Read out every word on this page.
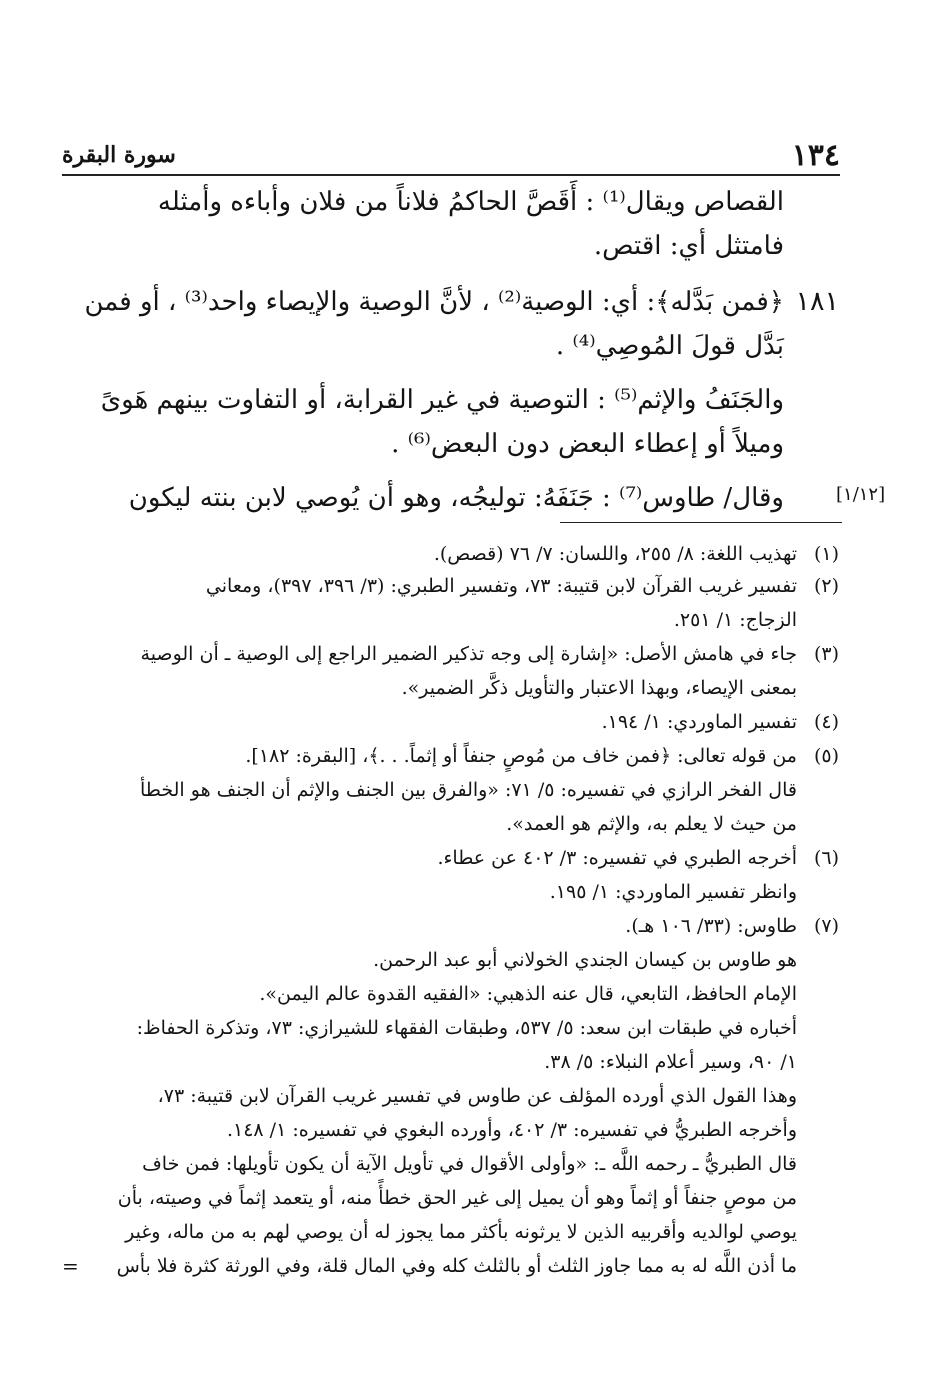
١٣٤
سورة البقرة
القصاص ويقال⁽¹⁾ : أَقَصَّ الحاكمُ فلاناً من فلان وأباءه وأمثله فامتثل أي: اقتص.
١٨١
﴿فمن بَدَّله﴾: أي: الوصية⁽²⁾ ، لأنَّ الوصية والإيصاء واحد⁽³⁾ ، أو فمن بَدَّل قولَ المُوصِي⁽⁴⁾ .
والجَنَفُ والإثم⁽⁵⁾ : التوصية في غير القرابة، أو التفاوت بينهم هَوىً وميلاً أو إعطاء البعض دون البعض⁽⁶⁾ .
[١/١٢]
وقال/ طاوس⁽⁷⁾ : جَنَفَهُ: توليجُه، وهو أن يُوصي لابن بنته ليكون
(١)
تهذيب اللغة: ٨/ ٢٥٥، واللسان: ٧/ ٧٦ (قصص).
(٢)
تفسير غريب القرآن لابن قتيبة: ٧٣، وتفسير الطبري: (٣/ ٣٩٦، ٣٩٧)، ومعاني
الزجاج: ١/ ٢٥١.
(٣)
جاء في هامش الأصل: «إشارة إلى وجه تذكير الضمير الراجع إلى الوصية ـ أن الوصية
بمعنى الإيصاء، وبهذا الاعتبار والتأويل ذكَّر الضمير».
(٤)
تفسير الماوردي: ١/ ١٩٤.
(٥)
من قوله تعالى: ﴿فمن خاف من مُوصٍ جنفاً أو إثماً. . .﴾، [البقرة: ١٨٢].
قال الفخر الرازي في تفسيره: ٥/ ٧١: «والفرق بين الجنف والإثم أن الجنف هو الخطأ
من حيث لا يعلم به، والإثم هو العمد».
(٦)
أخرجه الطبري في تفسيره: ٣/ ٤٠٢ عن عطاء.
وانظر تفسير الماوردي: ١/ ١٩٥.
(٧)
طاوس: (٣٣/ ١٠٦ هـ).
هو طاوس بن كيسان الجندي الخولاني أبو عبد الرحمن.
الإمام الحافظ، التابعي، قال عنه الذهبي: «الفقيه القدوة عالم اليمن».
أخباره في طبقات ابن سعد: ٥/ ٥٣٧، وطبقات الفقهاء للشيرازي: ٧٣، وتذكرة الحفاظ:
١/ ٩٠، وسير أعلام النبلاء: ٥/ ٣٨.
وهذا القول الذي أورده المؤلف عن طاوس في تفسير غريب القرآن لابن قتيبة: ٧٣،
وأخرجه الطبريُّ في تفسيره: ٣/ ٤٠٢، وأورده البغوي في تفسيره: ١/ ١٤٨.
قال الطبريُّ ـ رحمه اللَّه ـ: «وأولى الأقوال في تأويل الآية أن يكون تأويلها: فمن خاف
من موصٍ جنفاً أو إثماً وهو أن يميل إلى غير الحق خطأً منه، أو يتعمد إثماً في وصيته، بأن
يوصي لوالديه وأقربيه الذين لا يرثونه بأكثر مما يجوز له أن يوصي لهم به من ماله، وغير
ما أذن اللَّه له به مما جاوز الثلث أو بالثلث كله وفي المال قلة، وفي الورثة كثرة فلا بأس
=
